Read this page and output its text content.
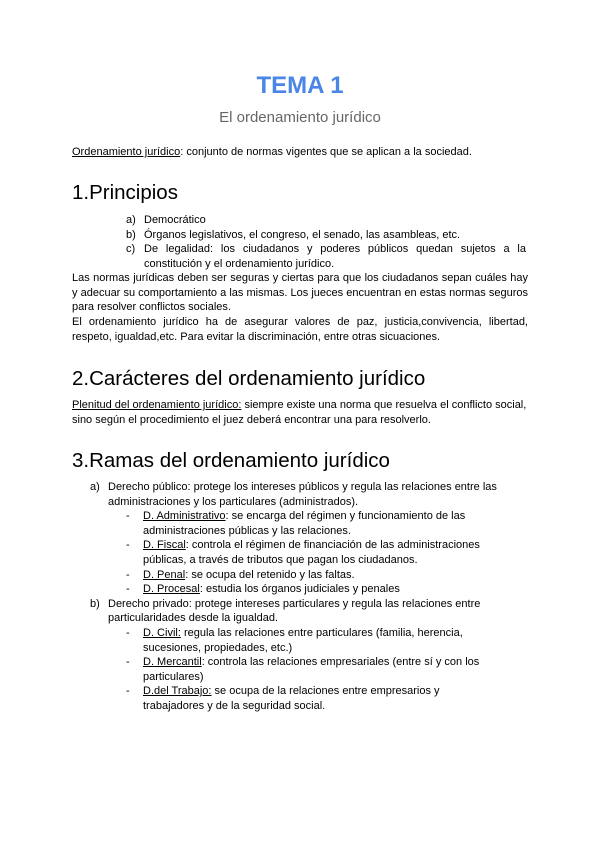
TEMA 1

El ordenamiento jurídico

Ordenamiento jurídico: conjunto de normas vigentes que se aplican a la sociedad.

1.Principios
a) Democrático
b) Órganos legislativos, el congreso, el senado, las asambleas, etc.
c) De legalidad: los ciudadanos y poderes públicos quedan sujetos a la constitución y el ordenamiento jurídico.
Las normas jurídicas deben ser seguras y ciertas para que los ciudadanos sepan cuáles hay y adecuar su comportamiento a las mismas. Los jueces encuentran en estas normas seguros para resolver conflictos sociales.
El ordenamiento jurídico ha de asegurar valores de paz, justicia,convivencia, libertad, respeto, igualdad,etc. Para evitar la discriminación, entre otras sicuaciones.
2.Carácteres del ordenamiento jurídico
Plenitud del ordenamiento jurídico: siempre existe una norma que resuelva el conflicto social, sino según el procedimiento el juez deberá encontrar una para resolverlo.
3.Ramas del ordenamiento jurídico
a) Derecho público: protege los intereses públicos y regula las relaciones entre las administraciones y los particulares (administrados).
- D. Administrativo: se encarga del régimen y funcionamiento de las administraciones públicas y las relaciones.
- D. Fiscal: controla el régimen de financiación de las administraciones públicas, a través de tributos que pagan los ciudadanos.
- D. Penal: se ocupa del retenido y las faltas.
- D. Procesal: estudia los órganos judiciales y penales
b) Derecho privado: protege intereses particulares y regula las relaciones entre particularidades desde la igualdad.
- D. Civil: regula las relaciones entre particulares (familia, herencia, sucesiones, propiedades, etc.)
- D. Mercantil: controla las relaciones empresariales (entre sí y con los particulares)
- D.del Trabajo: se ocupa de la relaciones entre empresarios y trabajadores y de la seguridad social.
